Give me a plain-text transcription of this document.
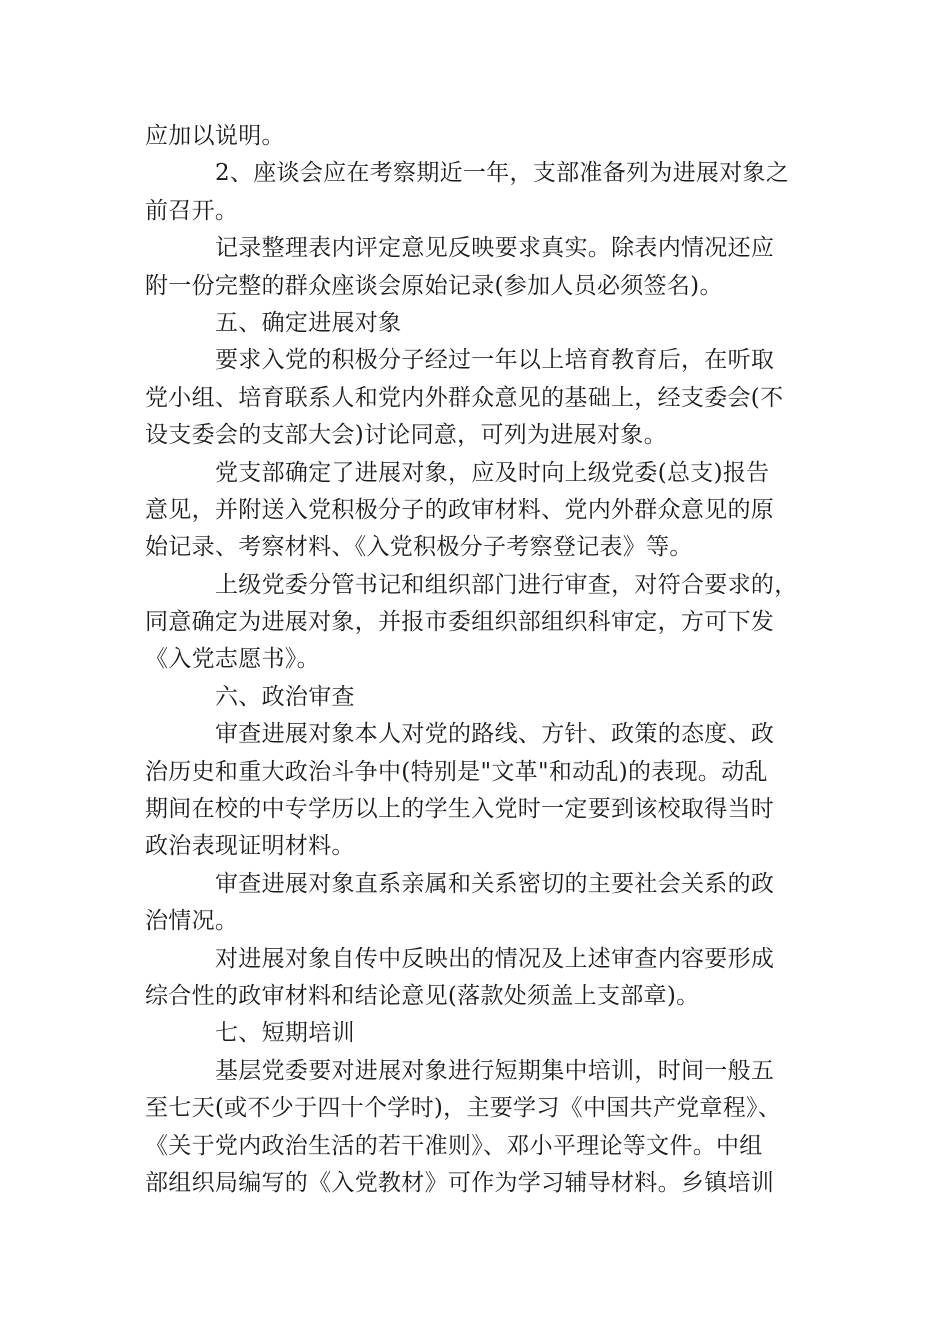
应加以说明。
2、座谈会应在考察期近一年，支部准备列为进展对象之
前召开。
记录整理表内评定意见反映要求真实。除表内情况还应
附一份完整的群众座谈会原始记录(参加人员必须签名)。
五、确定进展对象
要求入党的积极分子经过一年以上培育教育后，在听取
党小组、培育联系人和党内外群众意见的基础上，经支委会(不
设支委会的支部大会)讨论同意，可列为进展对象。
党支部确定了进展对象，应及时向上级党委(总支)报告
意见，并附送入党积极分子的政审材料、党内外群众意见的原
始记录、考察材料、《入党积极分子考察登记表》等。
上级党委分管书记和组织部门进行审查，对符合要求的，
同意确定为进展对象，并报市委组织部组织科审定，方可下发
《入党志愿书》。
六、政治审查
审查进展对象本人对党的路线、方针、政策的态度、政
治历史和重大政治斗争中(特别是"文革"和动乱)的表现。动乱
期间在校的中专学历以上的学生入党时一定要到该校取得当时
政治表现证明材料。
审查进展对象直系亲属和关系密切的主要社会关系的政
治情况。
对进展对象自传中反映出的情况及上述审查内容要形成
综合性的政审材料和结论意见(落款处须盖上支部章)。
七、短期培训
基层党委要对进展对象进行短期集中培训，时间一般五
至七天(或不少于四十个学时)，主要学习《中国共产党章程》、
《关于党内政治生活的若干准则》、邓小平理论等文件。中组
部组织局编写的《入党教材》可作为学习辅导材料。乡镇培训
